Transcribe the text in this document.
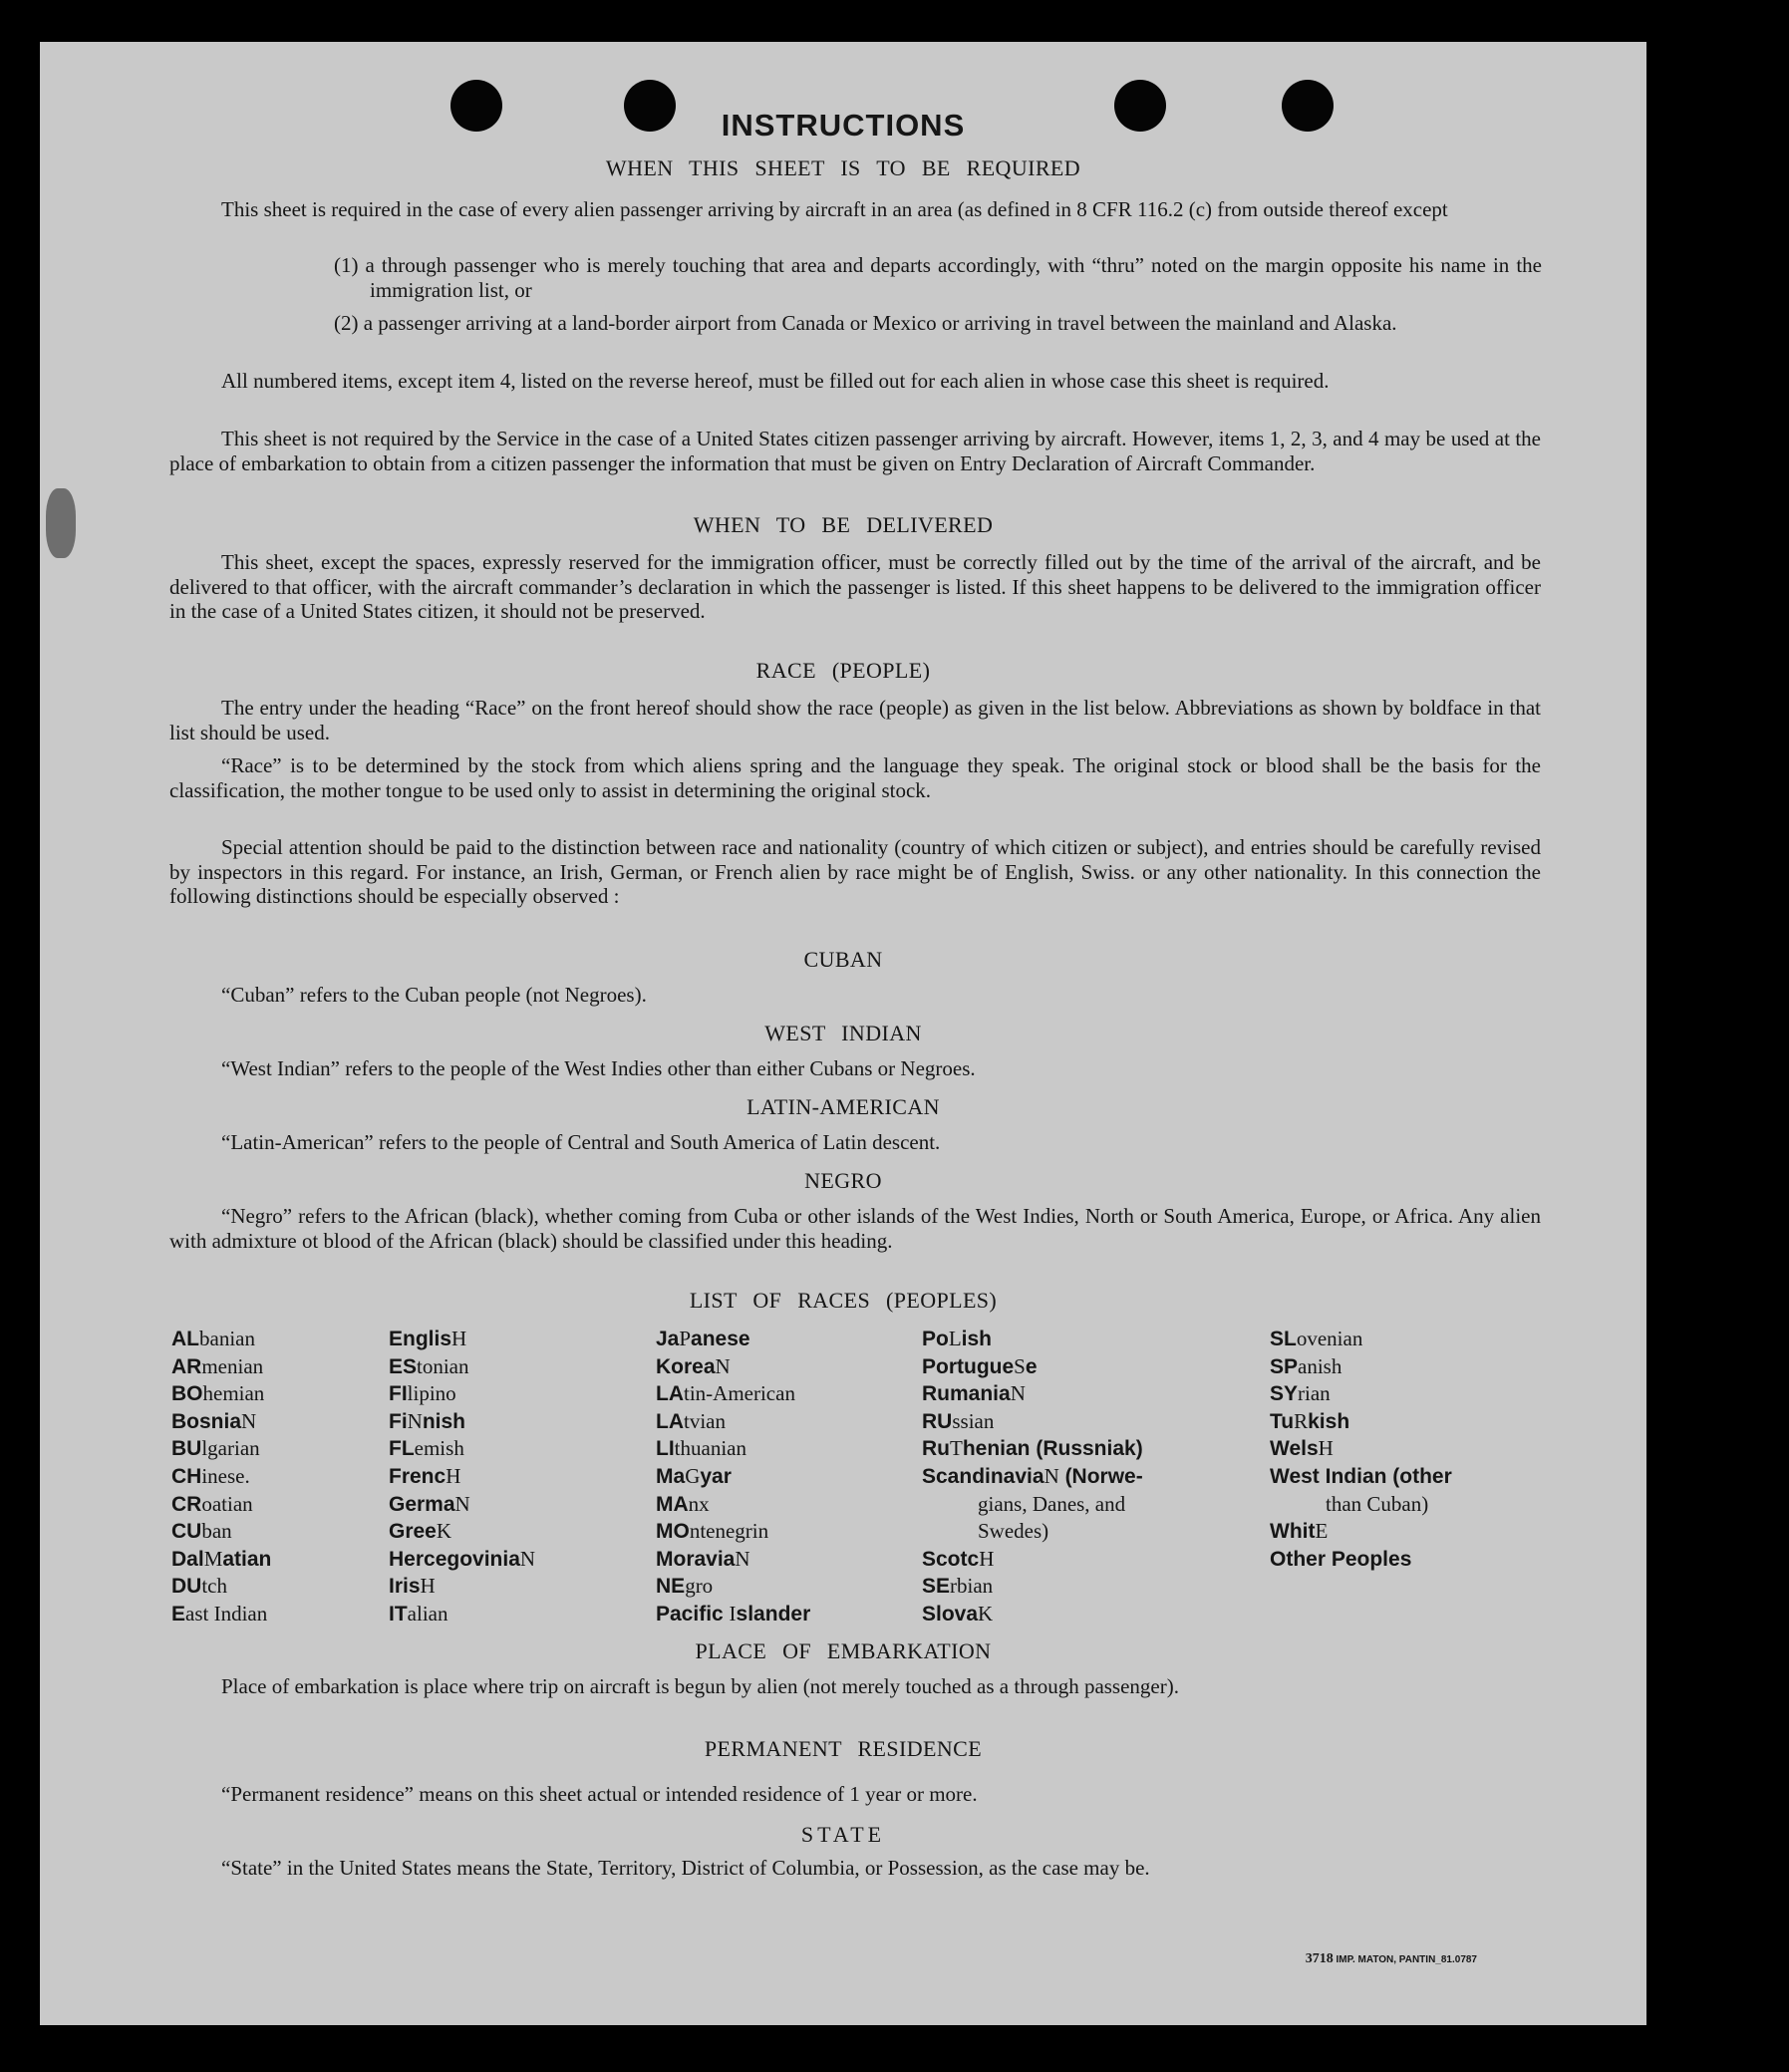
INSTRUCTIONS
WHEN THIS SHEET IS TO BE REQUIRED

This sheet is required in the case of every alien passenger arriving by aircraft in an area (as defined in 8 CFR 116.2 (c) from outside thereof except

(1) a through passenger who is merely touching that area and departs accordingly, with “thru” noted on the margin opposite his name in the immigration list, or

(2) a passenger arriving at a land-border airport from Canada or Mexico or arriving in travel between the mainland and Alaska.

All numbered items, except item 4, listed on the reverse hereof, must be filled out for each alien in whose case this sheet is required.

This sheet is not required by the Service in the case of a United States citizen passenger arriving by aircraft. However, items 1, 2, 3, and 4 may be used at the place of embarkation to obtain from a citizen passenger the information that must be given on Entry Declaration of Aircraft Commander.

WHEN TO BE DELIVERED

This sheet, except the spaces, expressly reserved for the immigration officer, must be correctly filled out by the time of the arrival of the aircraft, and be delivered to that officer, with the aircraft commander’s declaration in which the passenger is listed. If this sheet happens to be delivered to the immigration officer in the case of a United States citizen, it should not be preserved.

RACE (PEOPLE)

The entry under the heading “Race” on the front hereof should show the race (people) as given in the list below. Abbreviations as shown by boldface in that list should be used.

“Race” is to be determined by the stock from which aliens spring and the language they speak. The original stock or blood shall be the basis for the classification, the mother tongue to be used only to assist in determining the original stock.

Special attention should be paid to the distinction between race and nationality (country of which citizen or subject), and entries should be carefully revised by inspectors in this regard. For instance, an Irish, German, or French alien by race might be of English, Swiss. or any other nationality. In this connection the following distinctions should be especially observed :

CUBAN

“Cuban” refers to the Cuban people (not Negroes).

WEST INDIAN

“West Indian” refers to the people of the West Indies other than either Cubans or Negroes.

LATIN-AMERICAN

“Latin-American” refers to the people of Central and South America of Latin descent.

NEGRO

“Negro” refers to the African (black), whether coming from Cuba or other islands of the West Indies, North or South America, Europe, or Africa. Any alien with admixture ot blood of the African (black) should be classified under this heading.

LIST OF RACES (PEOPLES)
ALbanian
ARmenian
BOhemian
BosniaN
BUlgarian
CHinese.
CRoatian
CUban
DalMatian
DUtch
East Indian
EnglisH
EStonian
FIlipino
FiNnish
FLemish
FrencH
GermaN
GreeK
HercegoviniaN
IrisH
ITalian
JaPanese
KoreaN
LAtin-American
LAtvian
LIthuanian
MaGyar
MAnx
MOntenegrin
MoraviaN
NEgro
Pacific Islander
PoLish
PortugueSe
RumaniaN
RUssian
RuThenian (Russniak)
ScandinaviaN (Norwe-
gians, Danes, and
Swedes)
ScotcH
SErbian
SlovaK
SLovenian
SPanish
SYrian
TuRkish
WelsH
West Indian (other
than Cuban)
WhitE
Other Peoples
PLACE OF EMBARKATION

Place of embarkation is place where trip on aircraft is begun by alien (not merely touched as a through passenger).

PERMANENT RESIDENCE

“Permanent residence” means on this sheet actual or intended residence of 1 year or more.

STATE

“State” in the United States means the State, Territory, District of Columbia, or Possession, as the case may be.

3718 IMP. MATON, PANTIN_81.0787
